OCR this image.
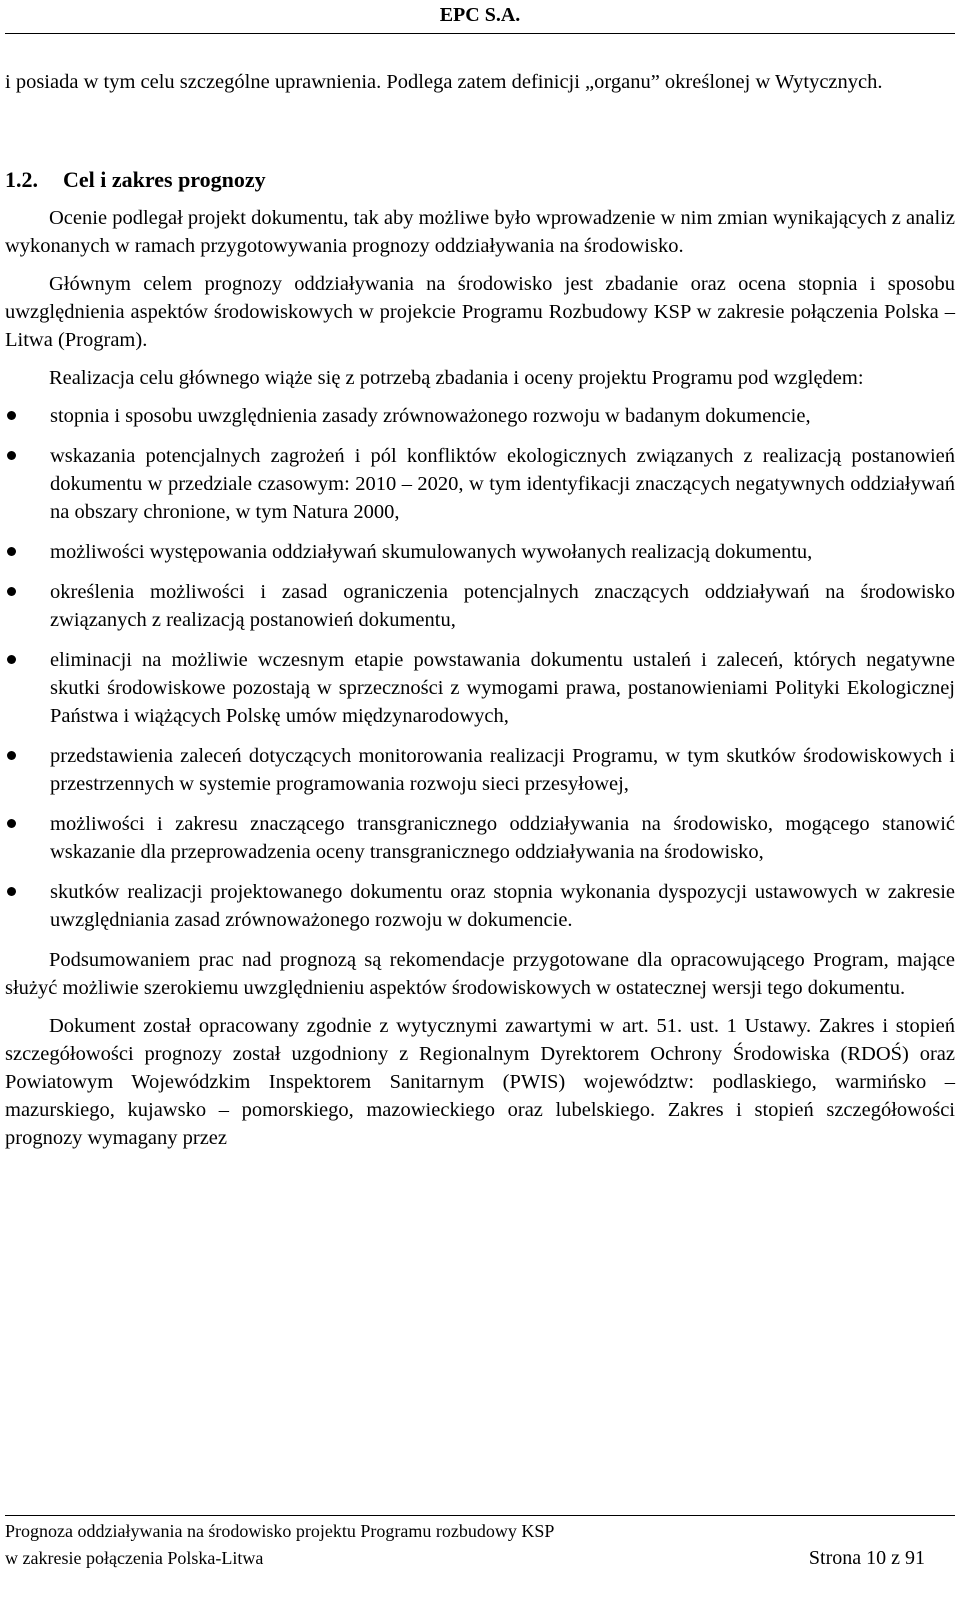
EPC S.A.

i posiada w tym celu szczególne uprawnienia. Podlega zatem definicji „organu” określonej w Wytycznych.

1.2. Cel i zakres prognozy

Ocenie podlegał projekt dokumentu, tak aby możliwe było wprowadzenie w nim zmian wynikających z analiz wykonanych w ramach przygotowywania prognozy oddziaływania na środowisko.

Głównym celem prognozy oddziaływania na środowisko jest zbadanie oraz ocena stopnia i sposobu uwzględnienia aspektów środowiskowych w projekcie Programu Rozbudowy KSP w zakresie połączenia Polska – Litwa (Program).

Realizacja celu głównego wiąże się z potrzebą zbadania i oceny projektu Programu pod względem:

stopnia i sposobu uwzględnienia zasady zrównoważonego rozwoju w badanym dokumencie,
wskazania potencjalnych zagrożeń i pól konfliktów ekologicznych związanych z realizacją postanowień dokumentu w przedziale czasowym: 2010 – 2020, w tym identyfikacji znaczących negatywnych oddziaływań na obszary chronione, w tym Natura 2000,
możliwości występowania oddziaływań skumulowanych wywołanych realizacją dokumentu,
określenia możliwości i zasad ograniczenia potencjalnych znaczących oddziaływań na środowisko związanych z realizacją postanowień dokumentu,
eliminacji na możliwie wczesnym etapie powstawania dokumentu ustaleń i zaleceń, których negatywne skutki środowiskowe pozostają w sprzeczności z wymogami prawa, postanowieniami Polityki Ekologicznej Państwa i wiążących Polskę umów międzynarodowych,
przedstawienia zaleceń dotyczących monitorowania realizacji Programu, w tym skutków środowiskowych i przestrzennych w systemie programowania rozwoju sieci przesyłowej,
możliwości i zakresu znaczącego transgranicznego oddziaływania na środowisko, mogącego stanowić wskazanie dla przeprowadzenia oceny transgranicznego oddziaływania na środowisko,
skutków realizacji projektowanego dokumentu oraz stopnia wykonania dyspozycji ustawowych w zakresie uwzględniania zasad zrównoważonego rozwoju w dokumencie.

Podsumowaniem prac nad prognozą są rekomendacje przygotowane dla opracowującego Program, mające służyć możliwie szerokiemu uwzględnieniu aspektów środowiskowych w ostatecznej wersji tego dokumentu.

Dokument został opracowany zgodnie z wytycznymi zawartymi w art. 51. ust. 1 Ustawy. Zakres i stopień szczegółowości prognozy został uzgodniony z Regionalnym Dyrektorem Ochrony Środowiska (RDOŚ) oraz Powiatowym Wojewódzkim Inspektorem Sanitarnym (PWIS) województw: podlaskiego, warmińsko – mazurskiego, kujawsko – pomorskiego, mazowieckiego oraz lubelskiego. Zakres i stopień szczegółowości prognozy wymagany przez

Prognoza oddziaływania na środowisko projektu Programu rozbudowy KSP
w zakresie połączenia Polska-Litwa	Strona 10 z 91
